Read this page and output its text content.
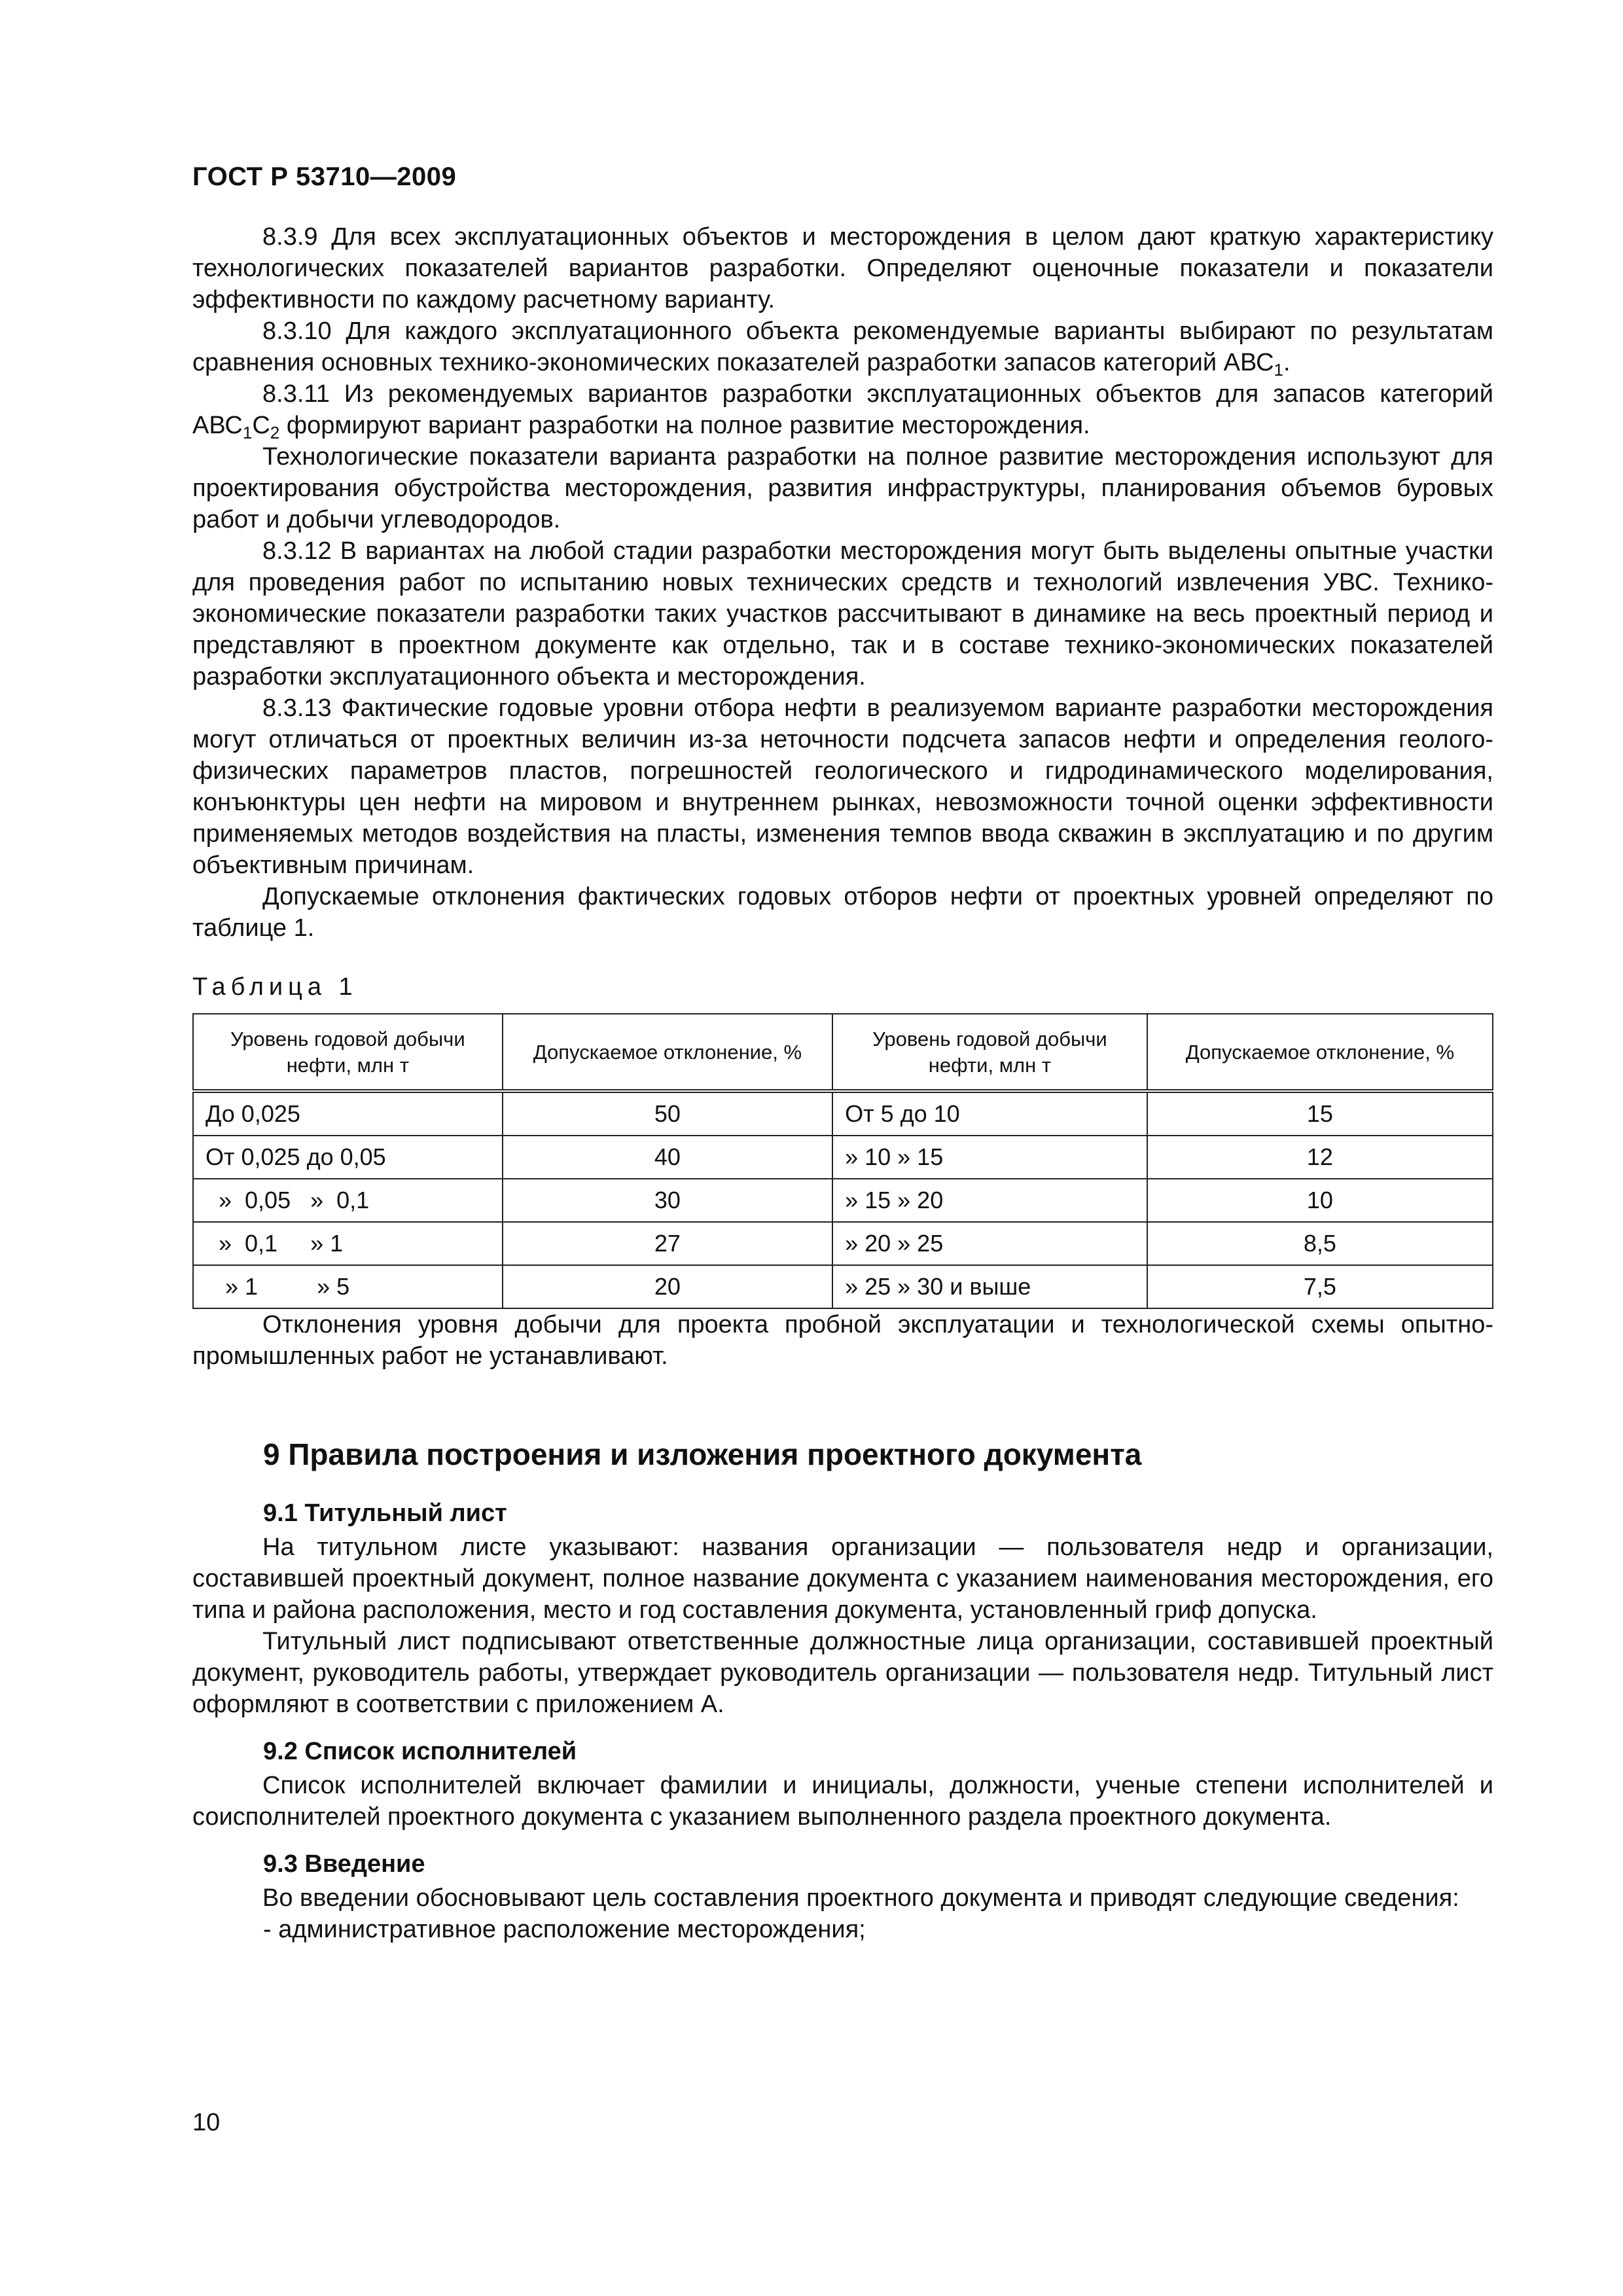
ГОСТ Р 53710—2009

8.3.9 Для всех эксплуатационных объектов и месторождения в целом дают краткую характеристику технологических показателей вариантов разработки. Определяют оценочные показатели и показатели эффективности по каждому расчетному варианту.

8.3.10 Для каждого эксплуатационного объекта рекомендуемые варианты выбирают по результатам сравнения основных технико-экономических показателей разработки запасов категорий $АВС_1$.

8.3.11 Из рекомендуемых вариантов разработки эксплуатационных объектов для запасов категорий $АВС_1С_2$ формируют вариант разработки на полное развитие месторождения.

Технологические показатели варианта разработки на полное развитие месторождения используют для проектирования обустройства месторождения, развития инфраструктуры, планирования объемов буровых работ и добычи углеводородов.

8.3.12 В вариантах на любой стадии разработки месторождения могут быть выделены опытные участки для проведения работ по испытанию новых технических средств и технологий извлечения УВС. Технико-экономические показатели разработки таких участков рассчитывают в динамике на весь проектный период и представляют в проектном документе как отдельно, так и в составе технико-экономических показателей разработки эксплуатационного объекта и месторождения.

8.3.13 Фактические годовые уровни отбора нефти в реализуемом варианте разработки месторождения могут отличаться от проектных величин из-за неточности подсчета запасов нефти и определения геолого-физических параметров пластов, погрешностей геологического и гидродинамического моделирования, конъюнктуры цен нефти на мировом и внутреннем рынках, невозможности точной оценки эффективности применяемых методов воздействия на пласты, изменения темпов ввода скважин в эксплуатацию и по другим объективным причинам.

Допускаемые отклонения фактических годовых отборов нефти от проектных уровней определяют по таблице 1.

Таблица 1
Уровень годовой добычи нефти, млн т	Допускаемое отклонение, %	Уровень годовой добычи нефти, млн т	Допускаемое отклонение, %
До 0,025	50	От 5 до 10	15
От 0,025 до 0,05	40	» 10 » 15	12
»  0,05   »  0,1	30	» 15 » 20	10
»  0,1     » 1	27	» 20 » 25	8,5
» 1         » 5	20	» 25 » 30 и выше	7,5

Отклонения уровня добычи для проекта пробной эксплуатации и технологической схемы опытно-промышленных работ не устанавливают.

9 Правила построения и изложения проектного документа
9.1 Титульный лист

На титульном листе указывают: названия организации — пользователя недр и организации, составившей проектный документ, полное название документа с указанием наименования месторождения, его типа и района расположения, место и год составления документа, установленный гриф допуска.

Титульный лист подписывают ответственные должностные лица организации, составившей проектный документ, руководитель работы, утверждает руководитель организации — пользователя недр. Титульный лист оформляют в соответствии с приложением А.

9.2 Список исполнителей

Список исполнителей включает фамилии и инициалы, должности, ученые степени исполнителей и соисполнителей проектного документа с указанием выполненного раздела проектного документа.

9.3 Введение

Во введении обосновывают цель составления проектного документа и приводят следующие сведения:

- административное расположение месторождения;
10
